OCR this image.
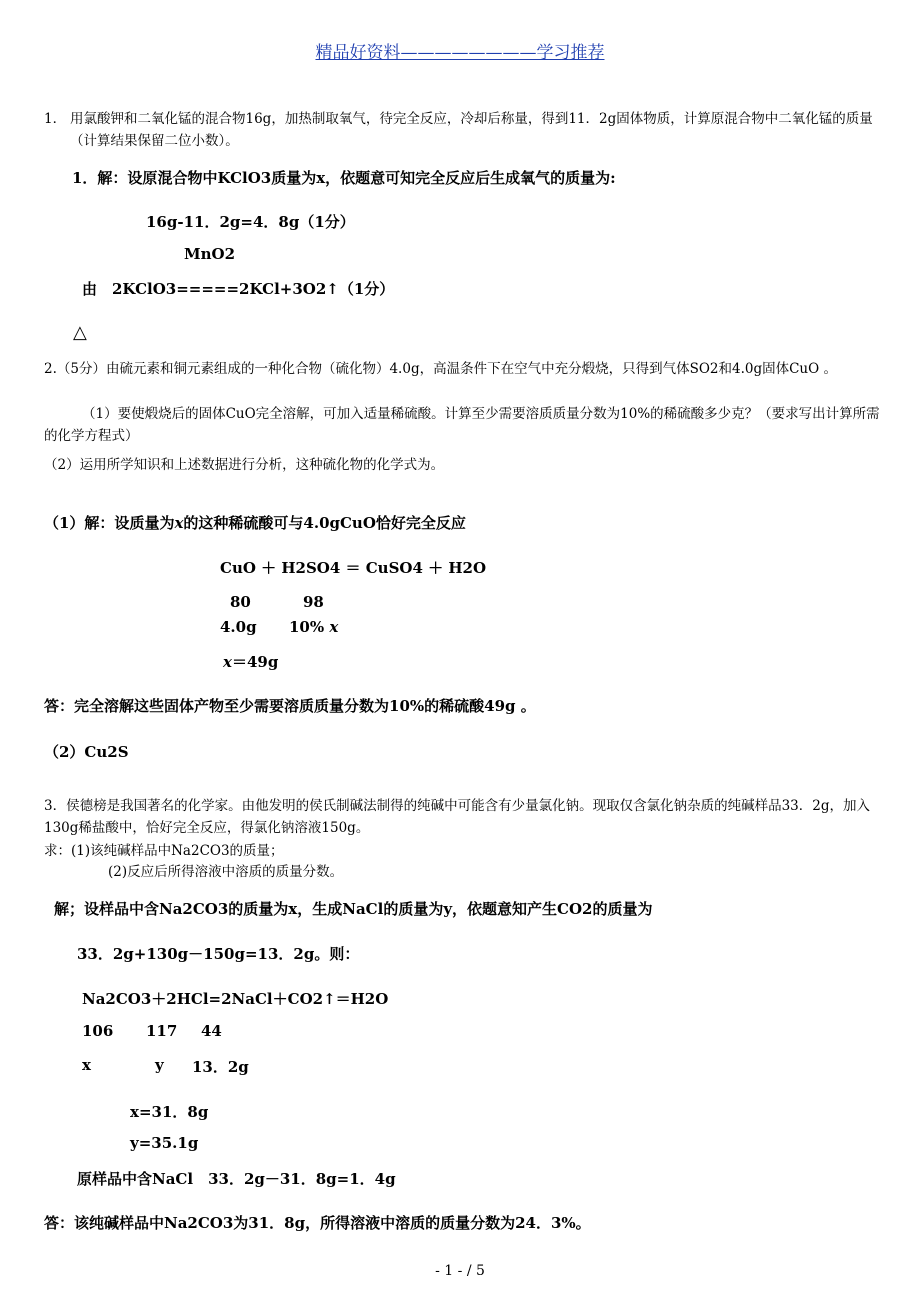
精品好资料————————学习推荐
1． 用氯酸钾和二氧化锰的混合物16g，加热制取氧气，待完全反应，冷却后称量，得到11．2g固体物质，计算原混合物中二氧化锰的质量（计算结果保留二位小数）。
1．解：设原混合物中KClO3质量为x，依题意可知完全反应后生成氧气的质量为:
16g-11．2g=4．8g（1分）
MnO2
由　2KClO3=====2KCl+3O2↑（1分）
△
2.（5分）由硫元素和铜元素组成的一种化合物（硫化物）4.0g，高温条件下在空气中充分煅烧，只得到气体SO2和4.0g固体CuO 。
（1）要使煅烧后的固体CuO完全溶解，可加入适量稀硫酸。计算至少需要溶质质量分数为10%的稀硫酸多少克？（要求写出计算所需的化学方程式）
（2）运用所学知识和上述数据进行分析，这种硫化物的化学式为。
（1）解：设质量为x的这种稀硫酸可与4.0gCuO恰好完全反应
CuO ＋ H2SO4 ＝ CuSO4 ＋ H2O
80	98
4.0g 10% x
x＝49g
答：完全溶解这些固体产物至少需要溶质质量分数为10%的稀硫酸49g 。
（2）Cu2S
3．侯德榜是我国著名的化学家。由他发明的侯氏制碱法制得的纯碱中可能含有少量氯化钠。现取仅含氯化钠杂质的纯碱样品33．2g，加入130g稀盐酸中，恰好完全反应，得氯化钠溶液150g。
求：(1)该纯碱样品中Na2CO3的质量；
(2)反应后所得溶液中溶质的质量分数。
解；设样品中含Na2CO3的质量为x，生成NaCl的质量为y，依题意知产生CO2的质量为
33．2g+130g－150g=13．2g。则：
Na2CO3＋2HCl=2NaCl＋CO2↑＝H2O
106 117 44
x	y 13．2g
x=31．8g
y=35.1g
原样品中含NaCl　33．2g－31．8g=1．4g
答：该纯碱样品中Na2CO3为31．8g，所得溶液中溶质的质量分数为24．3%。
- 1 - / 5
